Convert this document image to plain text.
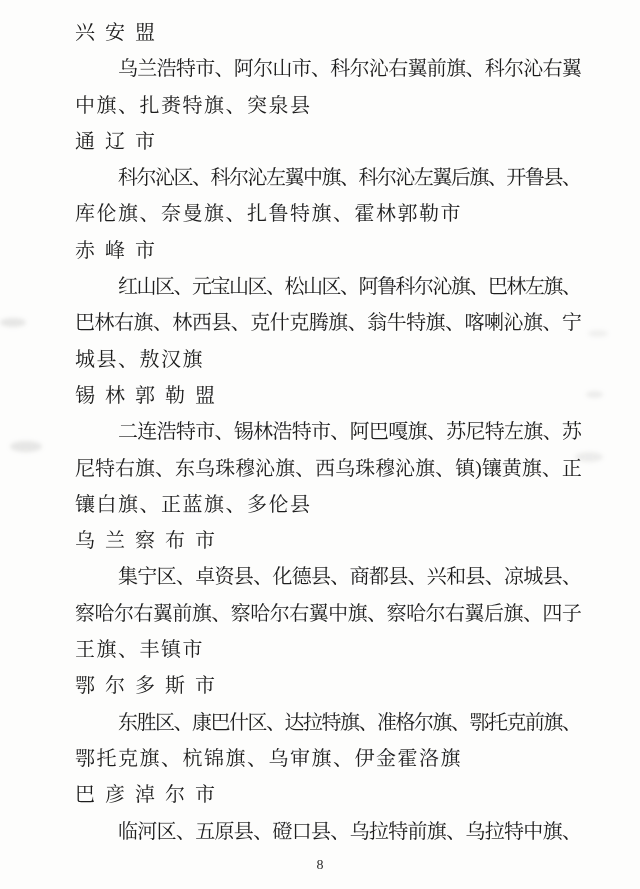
兴安盟
乌兰浩特市、阿尔山市、科尔沁右翼前旗、科尔沁右翼
中旗、扎赉特旗、突泉县
通辽市
科尔沁区、科尔沁左翼中旗、科尔沁左翼后旗、开鲁县、
库伦旗、奈曼旗、扎鲁特旗、霍林郭勒市
赤峰市
红山区、元宝山区、松山区、阿鲁科尔沁旗、巴林左旗、
巴林右旗、林西县、克什克腾旗、翁牛特旗、喀喇沁旗、宁
城县、敖汉旗
锡林郭勒盟
二连浩特市、锡林浩特市、阿巴嘎旗、苏尼特左旗、苏
尼特右旗、东乌珠穆沁旗、西乌珠穆沁旗、镇)镶黄旗、正
镶白旗、正蓝旗、多伦县
乌兰察布市
集宁区、卓资县、化德县、商都县、兴和县、凉城县、
察哈尔右翼前旗、察哈尔右翼中旗、察哈尔右翼后旗、四子
王旗、丰镇市
鄂尔多斯市
东胜区、康巴什区、达拉特旗、准格尔旗、鄂托克前旗、
鄂托克旗、杭锦旗、乌审旗、伊金霍洛旗
巴彦淖尔市
临河区、五原县、磴口县、乌拉特前旗、乌拉特中旗、
8
